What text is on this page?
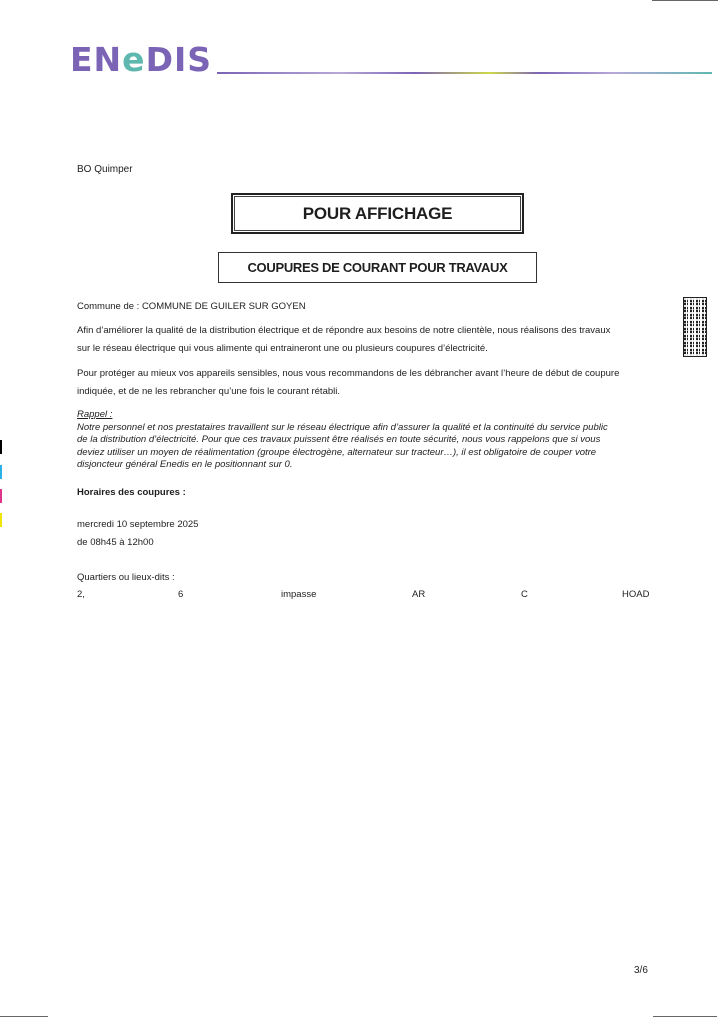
ENeDIS
BO Quimper
POUR AFFICHAGE
COUPURES DE COURANT POUR TRAVAUX
Commune de : COMMUNE DE GUILER SUR GOYEN
Afin d’améliorer la qualité de la distribution électrique et de répondre aux besoins de notre clientèle, nous réalisons des travaux
sur le réseau électrique qui vous alimente qui entraineront une ou plusieurs coupures d’électricité.
Pour protéger au mieux vos appareils sensibles, nous vous recommandons de les débrancher avant l’heure de début de coupure
indiquée, et de ne les rebrancher qu’une fois le courant rétabli.
Rappel :
Notre personnel et nos prestataires travaillent sur le réseau électrique afin d’assurer la qualité et la continuité du service public
de la distribution d’électricité. Pour que ces travaux puissent être réalisés en toute sécurité, nous vous rappelons que si vous
deviez utiliser un moyen de réalimentation (groupe électrogène, alternateur sur tracteur…), il est obligatoire de couper votre
disjoncteur général Enedis en le positionnant sur 0.
Horaires des coupures :
mercredi 10 septembre 2025
de 08h45 à 12h00
Quartiers ou lieux-dits :
2,	6	impasse	AR	C	HOAD
3/6
